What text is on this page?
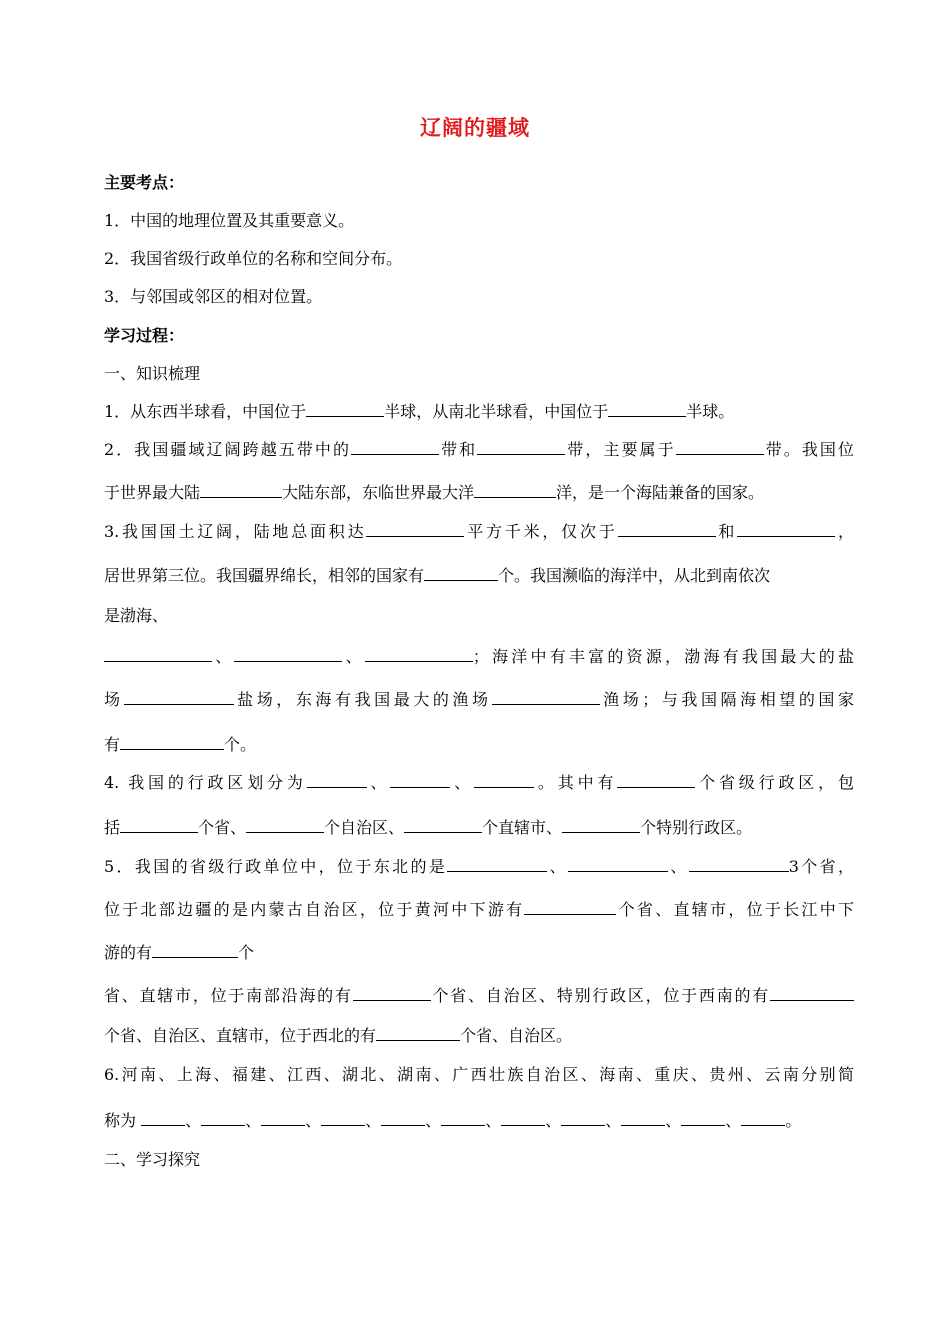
辽阔的疆域
主要考点：
1．中国的地理位置及其重要意义。
2．我国省级行政单位的名称和空间分布。
3．与邻国或邻区的相对位置。
学习过程：
一、知识梳理
1．从东西半球看，中国位于	半球，从南北半球看，中国位于	半球。
2．我国疆域辽阔跨越五带中的	带和	带，主要属于	带。我国位
于世界最大陆	大陆东部，东临世界最大洋	洋，是一个海陆兼备的国家。
3.我国国土辽阔，陆地总面积达	平方千米，仅次于	和	，
居世界第三位。我国疆界绵长，相邻的国家有	个。我国濒临的海洋中，从北到南依次
是渤海、
、	、	；海洋中有丰富的资源，渤海有我国最大的盐
场	盐场，东海有我国最大的渔场	渔场；与我国隔海相望的国家
有	个。
4. 我国的行政区划分为	、	、	。其中有	个省级行政区，包
括	个省、	个自治区、	个直辖市、	个特别行政区。
5．我国的省级行政单位中，位于东北的是	、	、	3个省，
位于北部边疆的是内蒙古自治区，位于黄河中下游有	个省、直辖市，位于长江中下
游的有	个
省、直辖市，位于南部沿海的有	个省、自治区、特别行政区，位于西南的有
个省、自治区、直辖市，位于西北的有	个省、自治区。
6.河南、上海、福建、江西、湖北、湖南、广西壮族自治区、海南、重庆、贵州、云南分别简
称为	、	、	、	、	、	、	、	、	、	、	。
二、学习探究
